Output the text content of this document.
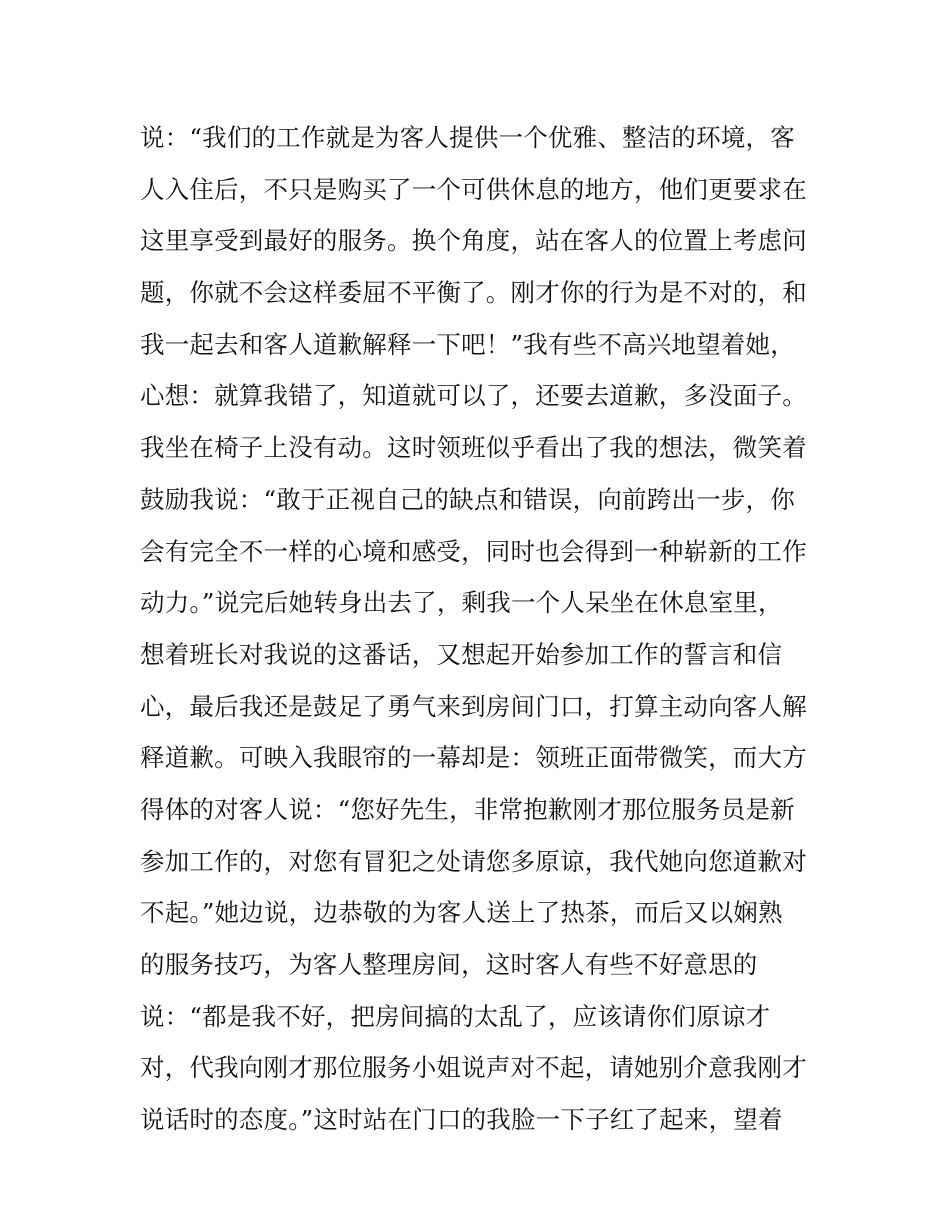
说：“我们的工作就是为客人提供一个优雅、整洁的环境，客
人入住后，不只是购买了一个可供休息的地方，他们更要求在
这里享受到最好的服务。换个角度，站在客人的位置上考虑问
题，你就不会这样委屈不平衡了。刚才你的行为是不对的，和
我一起去和客人道歉解释一下吧！”我有些不高兴地望着她，
心想：就算我错了，知道就可以了，还要去道歉，多没面子。
我坐在椅子上没有动。这时领班似乎看出了我的想法，微笑着
鼓励我说：“敢于正视自己的缺点和错误，向前跨出一步，你
会有完全不一样的心境和感受，同时也会得到一种崭新的工作
动力。”说完后她转身出去了，剩我一个人呆坐在休息室里，
想着班长对我说的这番话，又想起开始参加工作的誓言和信
心，最后我还是鼓足了勇气来到房间门口，打算主动向客人解
释道歉。可映入我眼帘的一幕却是：领班正面带微笑，而大方
得体的对客人说：“您好先生，非常抱歉刚才那位服务员是新
参加工作的，对您有冒犯之处请您多原谅，我代她向您道歉对
不起。”她边说，边恭敬的为客人送上了热茶，而后又以娴熟
的服务技巧，为客人整理房间，这时客人有些不好意思的
说：“都是我不好，把房间搞的太乱了，应该请你们原谅才
对，代我向刚才那位服务小姐说声对不起，请她别介意我刚才
说话时的态度。”这时站在门口的我脸一下子红了起来，望着
